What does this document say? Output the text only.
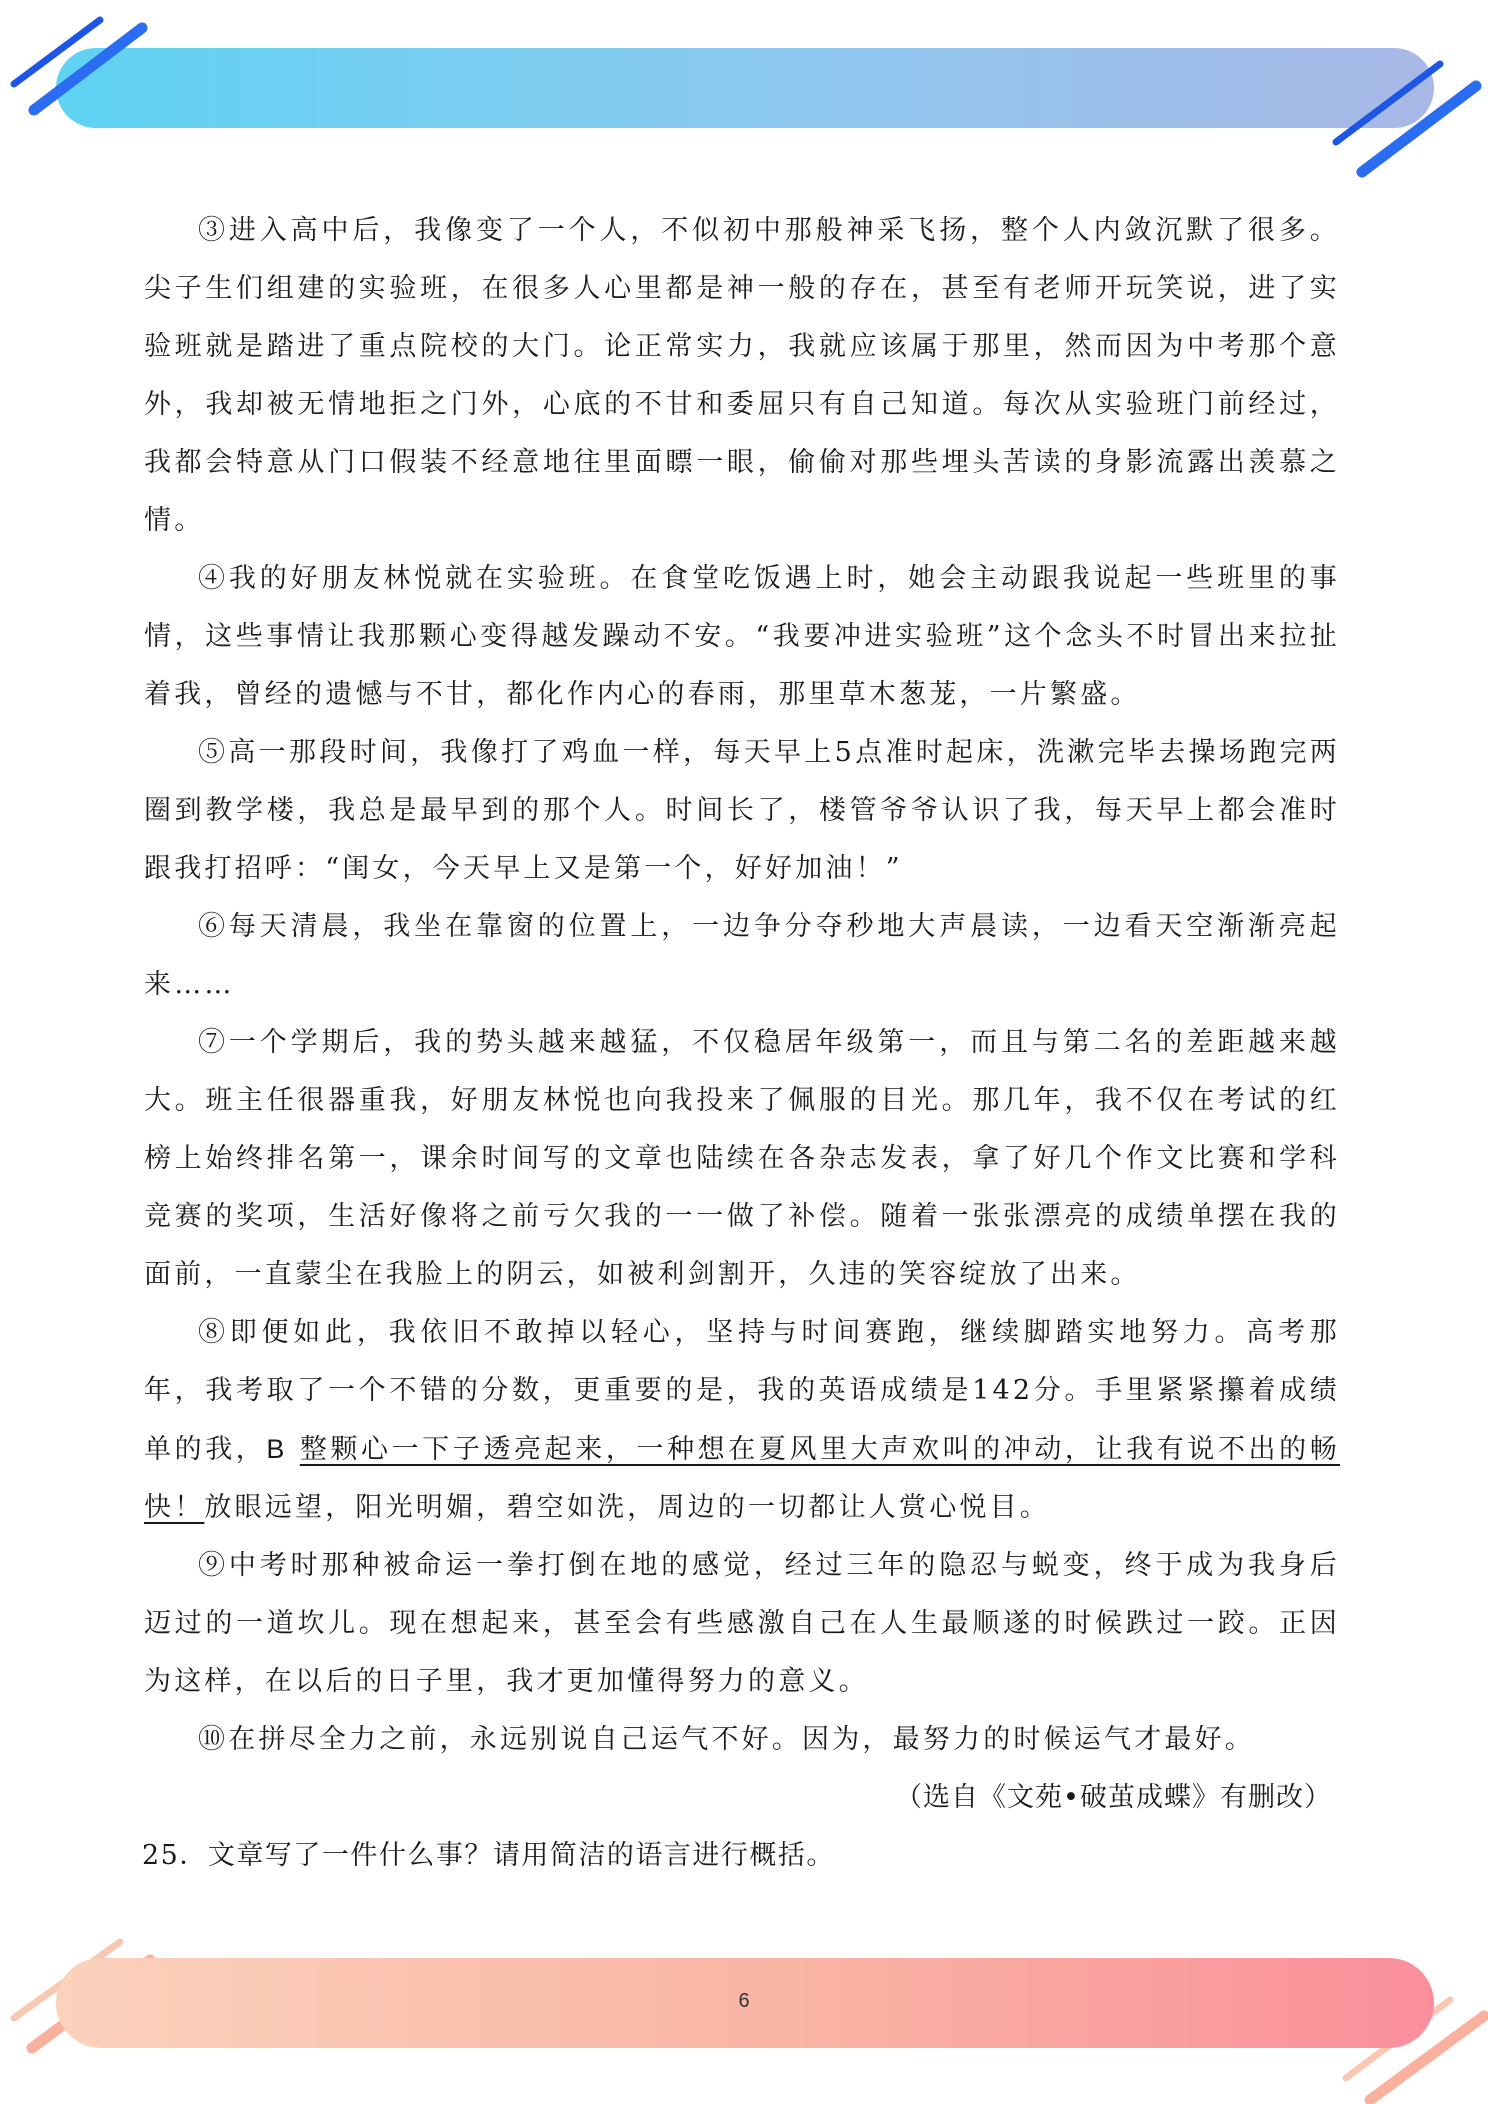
③进入高中后，我像变了一个人，不似初中那般神采飞扬，整个人内敛沉默了很多。尖子生们组建的实验班，在很多人心里都是神一般的存在，甚至有老师开玩笑说，进了实验班就是踏进了重点院校的大门。论正常实力，我就应该属于那里，然而因为中考那个意外，我却被无情地拒之门外，心底的不甘和委屈只有自己知道。每次从实验班门前经过，我都会特意从门口假装不经意地往里面瞟一眼，偷偷对那些埋头苦读的身影流露出羡慕之情。

④我的好朋友林悦就在实验班。在食堂吃饭遇上时，她会主动跟我说起一些班里的事情，这些事情让我那颗心变得越发躁动不安。“我要冲进实验班”这个念头不时冒出来拉扯着我，曾经的遗憾与不甘，都化作内心的春雨，那里草木葱茏，一片繁盛。

⑤高一那段时间，我像打了鸡血一样，每天早上5点准时起床，洗漱完毕去操场跑完两圈到教学楼，我总是最早到的那个人。时间长了，楼管爷爷认识了我，每天早上都会准时跟我打招呼：“闺女，今天早上又是第一个，好好加油！”

⑥每天清晨，我坐在靠窗的位置上，一边争分夺秒地大声晨读，一边看天空渐渐亮起来……

⑦一个学期后，我的势头越来越猛，不仅稳居年级第一，而且与第二名的差距越来越大。班主任很器重我，好朋友林悦也向我投来了佩服的目光。那几年，我不仅在考试的红榜上始终排名第一，课余时间写的文章也陆续在各杂志发表，拿了好几个作文比赛和学科竞赛的奖项，生活好像将之前亏欠我的一一做了补偿。随着一张张漂亮的成绩单摆在我的面前，一直蒙尘在我脸上的阴云，如被利剑割开，久违的笑容绽放了出来。

⑧即便如此，我依旧不敢掉以轻心，坚持与时间赛跑，继续脚踏实地努力。高考那年，我考取了一个不错的分数，更重要的是，我的英语成绩是142分。手里紧紧攥着成绩单的我，B 整颗心一下子透亮起来，一种想在夏风里大声欢叫的冲动，让我有说不出的畅快！放眼远望，阳光明媚，碧空如洗，周边的一切都让人赏心悦目。

⑨中考时那种被命运一拳打倒在地的感觉，经过三年的隐忍与蜕变，终于成为我身后迈过的一道坎儿。现在想起来，甚至会有些感激自己在人生最顺遂的时候跌过一跤。正因为这样，在以后的日子里，我才更加懂得努力的意义。

⑩在拼尽全力之前，永远别说自己运气不好。因为，最努力的时候运气才最好。

（选自《文苑•破茧成蝶》有删改）

25．文章写了一件什么事？请用简洁的语言进行概括。

6
